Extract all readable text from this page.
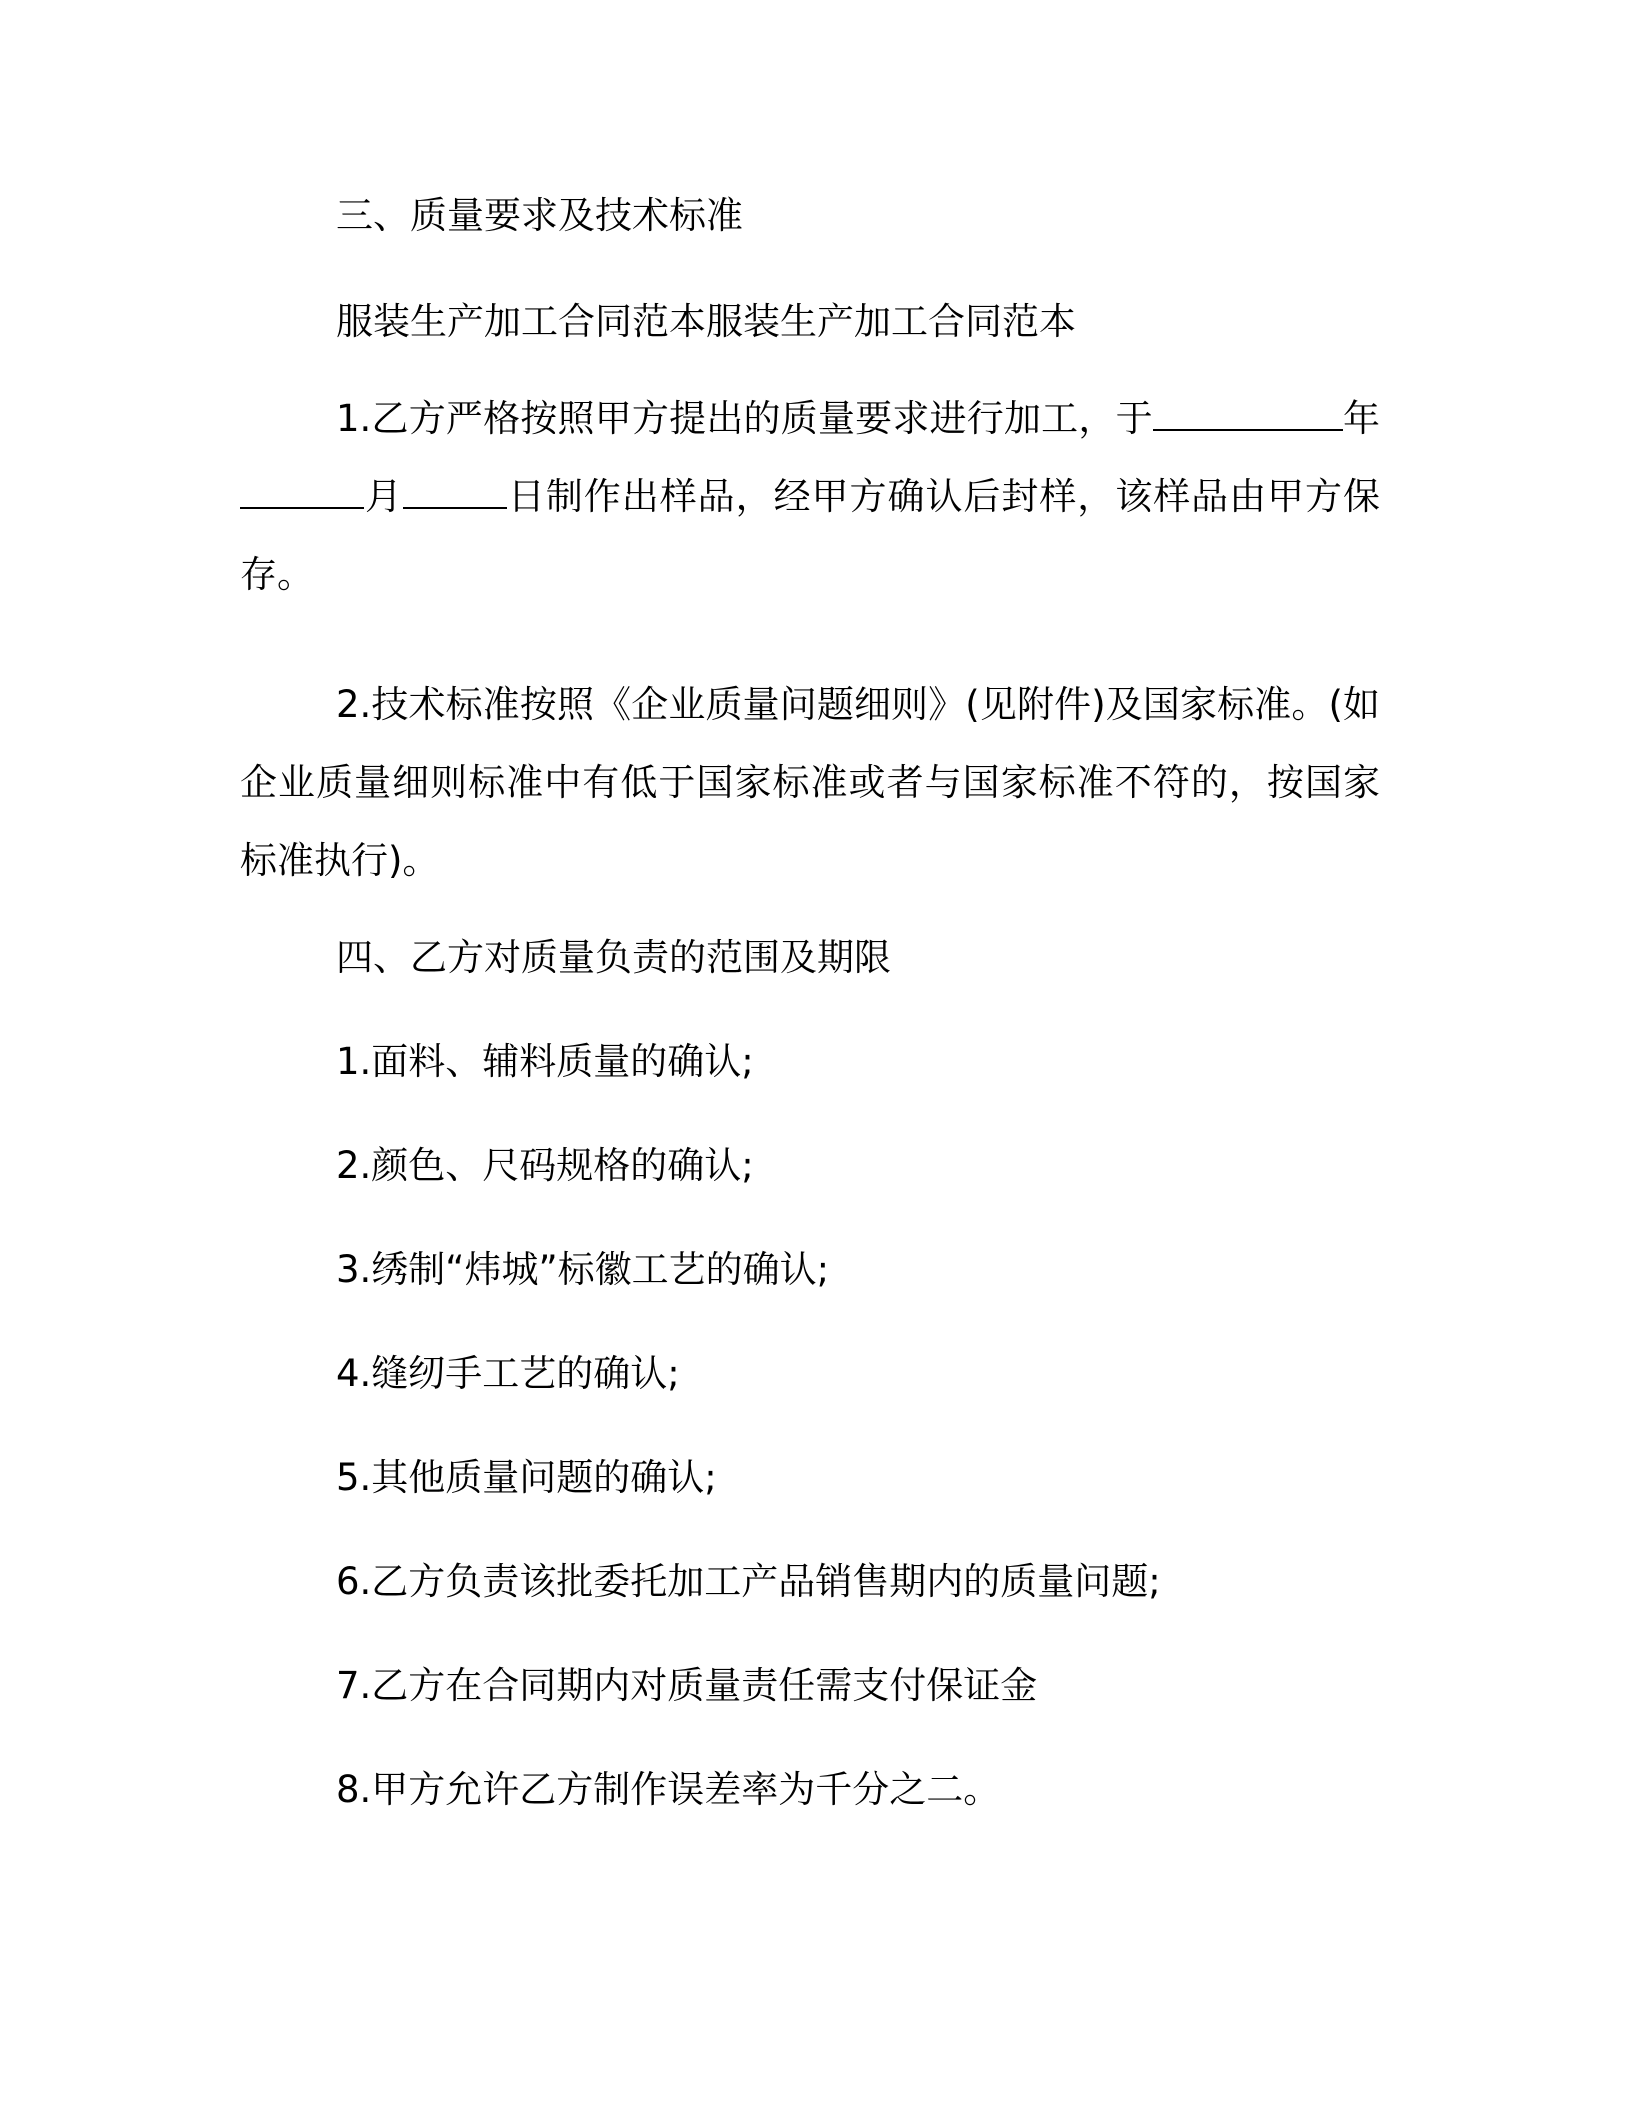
三、质量要求及技术标准

服装生产加工合同范本服装生产加工合同范本

1.乙方严格按照甲方提出的质量要求进行加工，于	年月	日制作出样品，经甲方确认后封样，该样品由甲方保存。

2.技术标准按照《企业质量问题细则》(见附件)及国家标准。(如企业质量细则标准中有低于国家标准或者与国家标准不符的，按国家标准执行)。

四、乙方对质量负责的范围及期限

1.面料、辅料质量的确认;

2.颜色、尺码规格的确认;

3.绣制“炜城”标徽工艺的确认;

4.缝纫手工艺的确认;

5.其他质量问题的确认;

6.乙方负责该批委托加工产品销售期内的质量问题;

7.乙方在合同期内对质量责任需支付保证金

8.甲方允许乙方制作误差率为千分之二。
